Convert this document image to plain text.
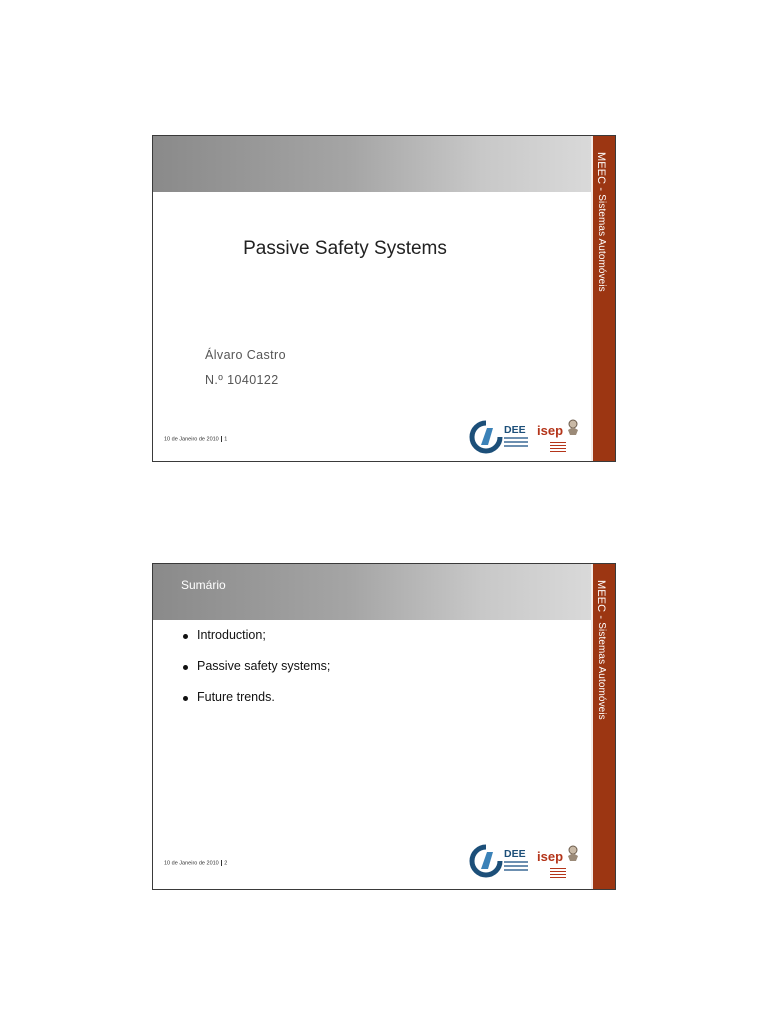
MEEC - Sistemas Automóveis
Passive Safety Systems
Álvaro Castro
N.º 1040122
10 de Janeiro de 2010 1
DEE isep
Sumário	MEEC - Sistemas Automóveis
Introduction;
Passive safety systems;
Future trends.
10 de Janeiro de 2010 2
DEE isep
